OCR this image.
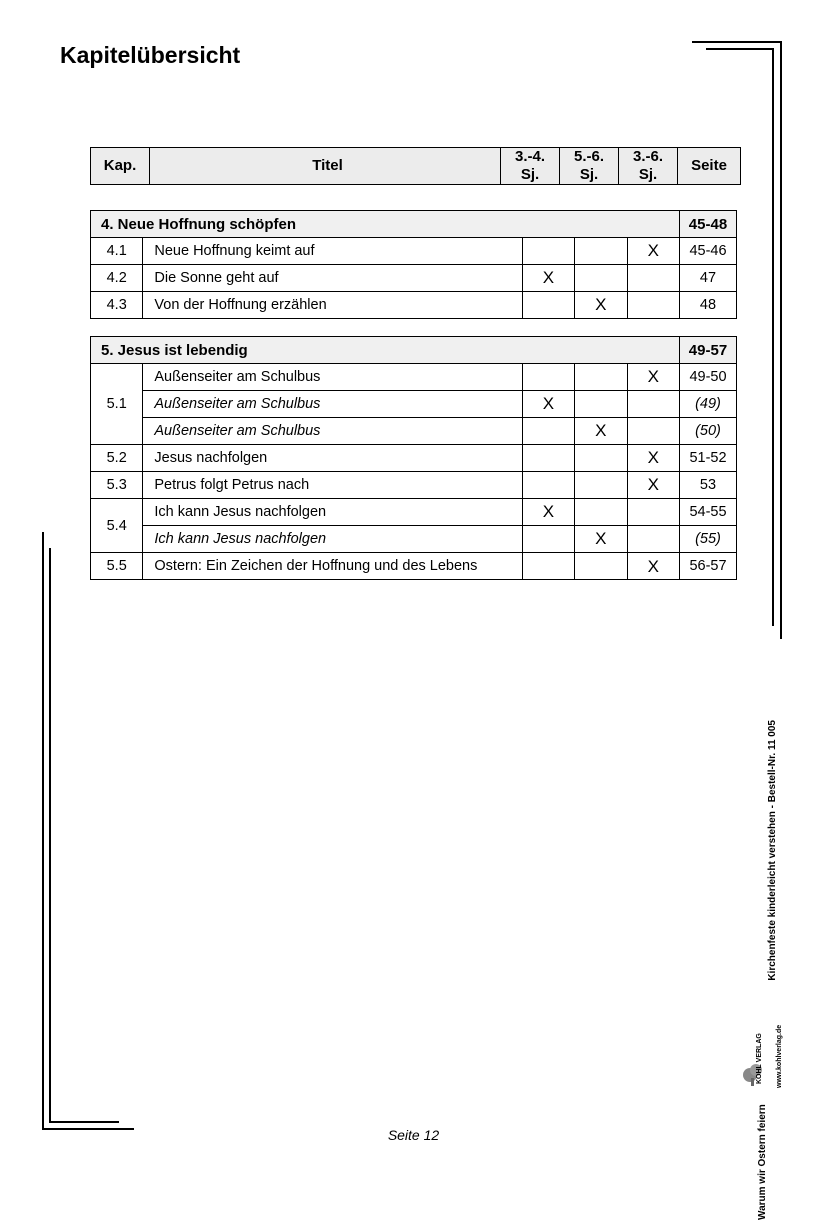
Kapitelübersicht
Kap.	Titel	3.-4. Sj.	5.-6. Sj.	3.-6. Sj.	Seite
4. Neue Hoffnung schöpfen					45-48
4.1	Neue Hoffnung keimt auf			X	45-46
4.2	Die Sonne geht auf	X			47
4.3	Von der Hoffnung erzählen		X		48
5. Jesus ist lebendig					49-57
5.1	Außenseiter am Schulbus			X	49-50
	Außenseiter am Schulbus	X			(49)
	Außenseiter am Schulbus		X		(50)
5.2	Jesus nachfolgen			X	51-52
5.3	Petrus folgt Petrus nach			X	53
5.4	Ich kann Jesus nachfolgen	X			54-55
	Ich kann Jesus nachfolgen		X		(55)
5.5	Ostern: Ein Zeichen der Hoffnung und des Lebens			X	56-57
Kirchenfeste kinderleicht verstehen - Bestell-Nr. 11 005
Warum wir Ostern feiern
KOHL VERLAG www.kohlverlag.de
Seite 12
